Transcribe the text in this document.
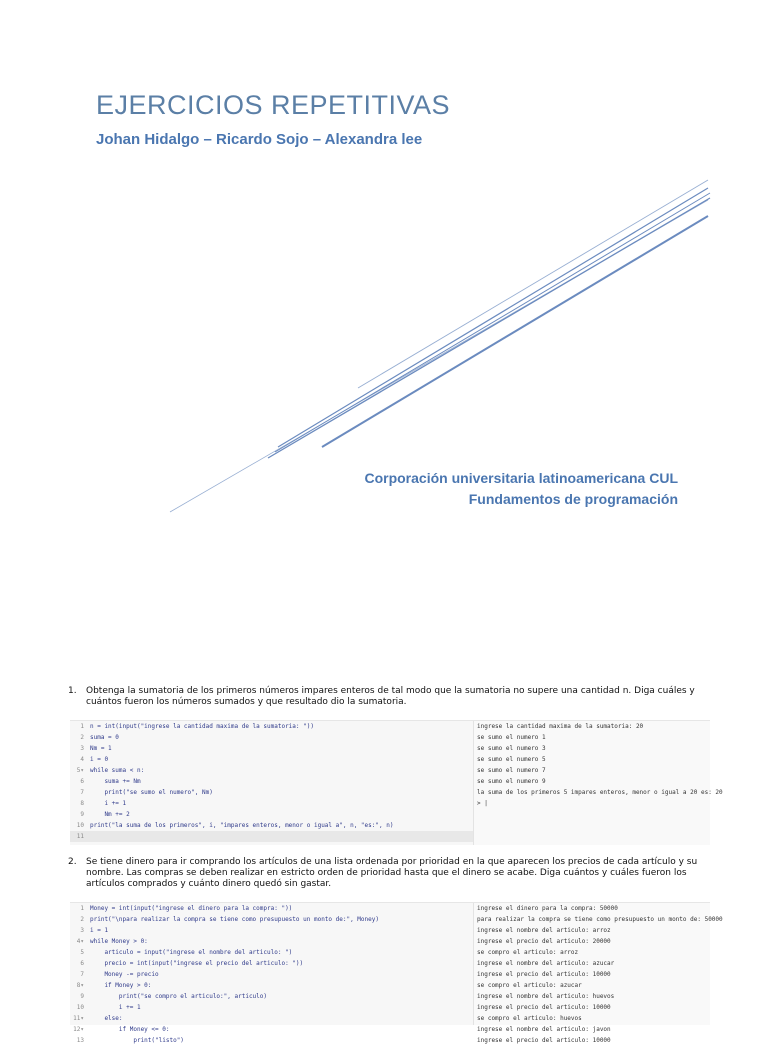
EJERCICIOS REPETITIVAS
Johan Hidalgo – Ricardo Sojo – Alexandra lee
Corporación universitaria latinoamericana CUL
Fundamentos de programación
1. Obtenga la sumatoria de los primeros números impares enteros de tal modo que la sumatoria no supere una cantidad n. Diga cuáles y cuántos fueron los números sumados y que resultado dio la sumatoria.
1 n = int(input("ingrese la cantidad maxima de la sumatoria: "))
2 suma = 0
3 Nm = 1
4 i = 0
5▾ while suma < n:
6    suma += Nm
7    print("se sumo el numero", Nm)
8    i += 1
9    Nm += 2
10 print("la suma de los primeros", i, "impares enteros, menor o igual a", n, "es:", n)
11
ingrese la cantidad maxima de la sumatoria: 20
se sumo el numero 1
se sumo el numero 3
se sumo el numero 5
se sumo el numero 7
se sumo el numero 9
la suma de los primeros 5 impares enteros, menor o igual a 20 es: 20
> |
2. Se tiene dinero para ir comprando los artículos de una lista ordenada por prioridad en la que aparecen los precios de cada artículo y su nombre. Las compras se deben realizar en estricto orden de prioridad hasta que el dinero se acabe. Diga cuántos y cuáles fueron los artículos comprados y cuánto dinero quedó sin gastar.
1 Money = int(input("ingrese el dinero para la compra: "))
2 print("\npara realizar la compra se tiene como presupuesto un monto de:", Money)
3 i = 1
4▾ while Money > 0:
5    articulo = input("ingrese el nombre del articulo: ")
6    precio = int(input("ingrese el precio del articulo: "))
7    Money -= precio
8▾    if Money > 0:
9        print("se compro el articulo:", articulo)
10        i += 1
11▾    else:
12▾        if Money <= 0:
13            print("listo")
ingrese el dinero para la compra: 50000
para realizar la compra se tiene como presupuesto un monto de: 50000
ingrese el nombre del articulo: arroz
ingrese el precio del articulo: 20000
se compro el articulo: arroz
ingrese el nombre del articulo: azucar
ingrese el precio del articulo: 10000
se compro el articulo: azucar
ingrese el nombre del articulo: huevos
ingrese el precio del articulo: 10000
se compro el articulo: huevos
ingrese el nombre del articulo: javon
ingrese el precio del articulo: 10000
